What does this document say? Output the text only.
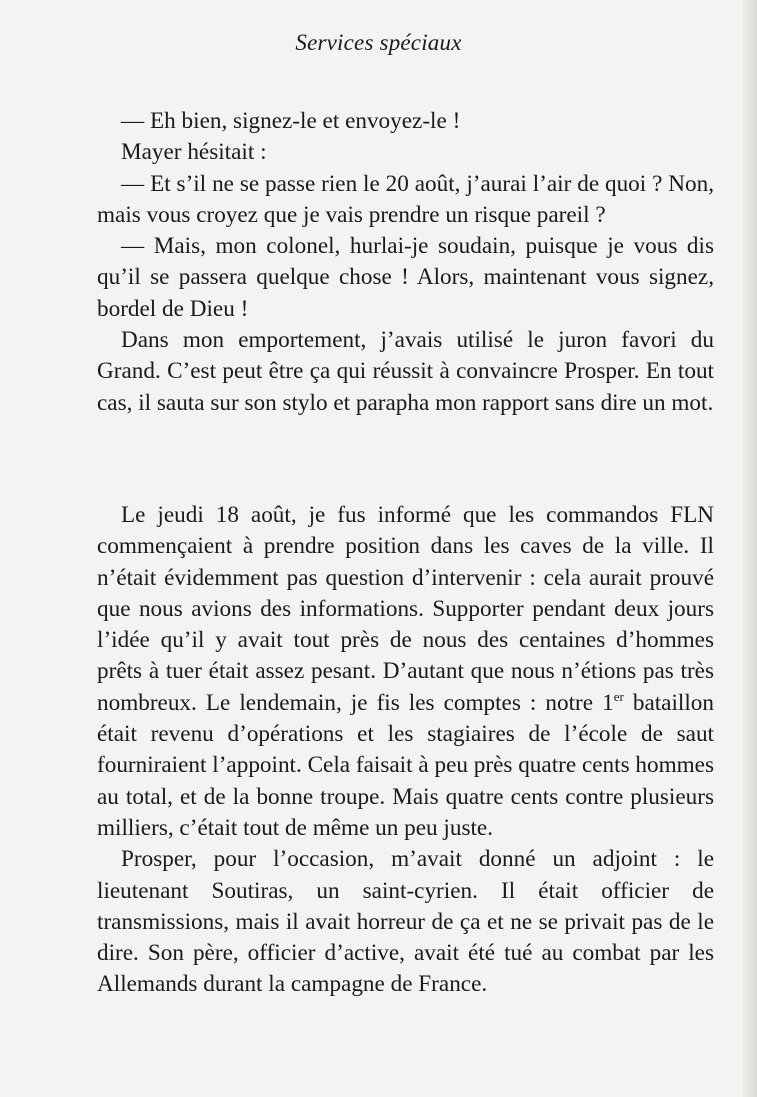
Services spéciaux

— Eh bien, signez-le et envoyez-le !

Mayer hésitait :

— Et s’il ne se passe rien le 20 août, j’aurai l’air de quoi ? Non, mais vous croyez que je vais prendre un risque pareil ?

— Mais, mon colonel, hurlai-je soudain, puisque je vous dis qu’il se passera quelque chose ! Alors, maintenant vous signez, bordel de Dieu !

Dans mon emportement, j’avais utilisé le juron favori du Grand. C’est peut être ça qui réussit à convaincre Prosper. En tout cas, il sauta sur son stylo et parapha mon rapport sans dire un mot.

Le jeudi 18 août, je fus informé que les commandos FLN commençaient à prendre position dans les caves de la ville. Il n’était évidemment pas question d’intervenir : cela aurait prouvé que nous avions des informations. Supporter pendant deux jours l’idée qu’il y avait tout près de nous des centaines d’hommes prêts à tuer était assez pesant. D’autant que nous n’étions pas très nombreux. Le lendemain, je fis les comptes : notre 1er bataillon était revenu d’opérations et les stagiaires de l’école de saut fourniraient l’appoint. Cela faisait à peu près quatre cents hommes au total, et de la bonne troupe. Mais quatre cents contre plusieurs milliers, c’était tout de même un peu juste.

Prosper, pour l’occasion, m’avait donné un adjoint : le lieutenant Soutiras, un saint-cyrien. Il était officier de transmissions, mais il avait horreur de ça et ne se privait pas de le dire. Son père, officier d’active, avait été tué au combat par les Allemands durant la campagne de France.
